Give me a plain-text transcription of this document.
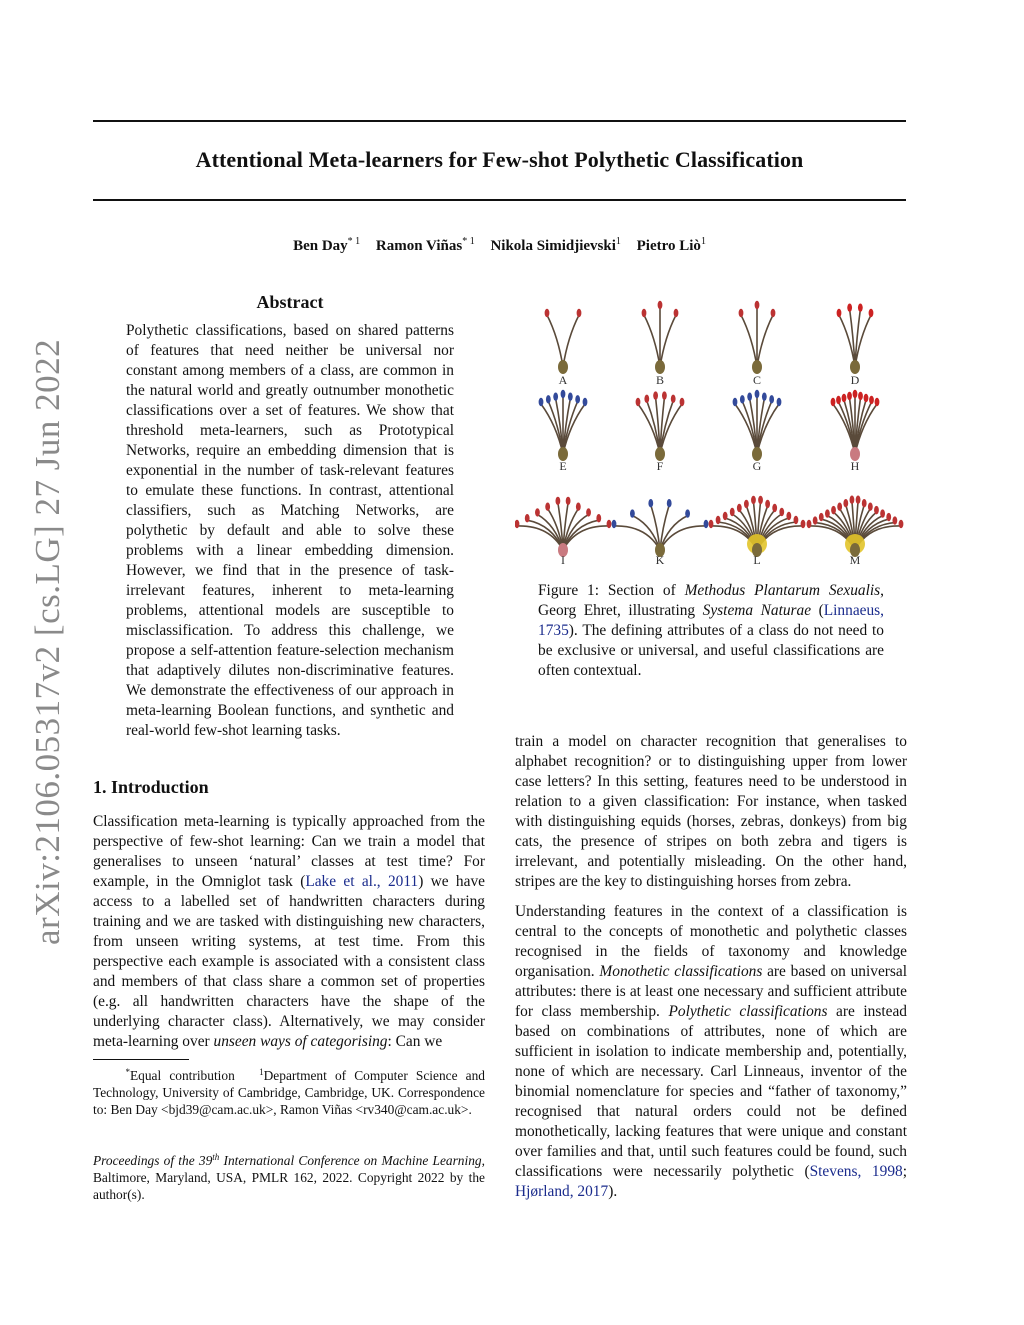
arXiv:2106.05317v2 [cs.LG] 27 Jun 2022
Attentional Meta-learners for Few-shot Polythetic Classification
Ben Day$^{* 1}$ Ramon Viñas$^{* 1}$ Nikola Simidjievski$^1$ Pietro Liò$^1$
Abstract
Polythetic classifications, based on shared patterns of features that need neither be universal nor constant among members of a class, are common in the natural world and greatly outnumber monothetic classifications over a set of features. We show that threshold meta-learners, such as Prototypical Networks, require an embedding dimension that is exponential in the number of task-relevant features to emulate these functions. In contrast, attentional classifiers, such as Matching Networks, are polythetic by default and able to solve these problems with a linear embedding dimension. However, we find that in the presence of task-irrelevant features, inherent to meta-learning problems, attentional models are susceptible to misclassification. To address this challenge, we propose a self-attention feature-selection mechanism that adaptively dilutes non-discriminative features. We demonstrate the effectiveness of our approach in meta-learning Boolean functions, and synthetic and real-world few-shot learning tasks.
1. Introduction
Classification meta-learning is typically approached from the perspective of few-shot learning: Can we train a model that generalises to unseen ‘natural’ classes at test time? For example, in the Omniglot task (Lake et al., 2011) we have access to a labelled set of handwritten characters during training and we are tasked with distinguishing new characters, from unseen writing systems, at test time. From this perspective each example is associated with a consistent class and members of that class share a common set of properties (e.g. all handwritten characters have the shape of the underlying character class). Alternatively, we may consider meta-learning over unseen ways of categorising: Can we
*Equal contribution	$^1$Department of Computer Science and Technology, University of Cambridge, Cambridge, UK. Correspondence to: Ben Day <bjd39@cam.ac.uk>, Ramon Viñas <rv340@cam.ac.uk>.
Proceedings of the 39th International Conference on Machine Learning, Baltimore, Maryland, USA, PMLR 162, 2022. Copyright 2022 by the author(s).
A	B	C	D
E	F	G	H
I	K	L	M
Figure 1: Section of Methodus Plantarum Sexualis, Georg Ehret, illustrating Systema Naturae (Linnaeus, 1735). The defining attributes of a class do not need to be exclusive or universal, and useful classifications are often contextual.
train a model on character recognition that generalises to alphabet recognition? or to distinguishing upper from lower case letters? In this setting, features need to be understood in relation to a given classification: For instance, when tasked with distinguishing equids (horses, zebras, donkeys) from big cats, the presence of stripes on both zebra and tigers is irrelevant, and potentially misleading. On the other hand, stripes are the key to distinguishing horses from zebra.
Understanding features in the context of a classification is central to the concepts of monothetic and polythetic classes recognised in the fields of taxonomy and knowledge organisation. Monothetic classifications are based on universal attributes: there is at least one necessary and sufficient attribute for class membership. Polythetic classifications are instead based on combinations of attributes, none of which are sufficient in isolation to indicate membership and, potentially, none of which are necessary. Carl Linneaus, inventor of the binomial nomenclature for species and “father of taxonomy,” recognised that natural orders could not be defined monothetically, lacking features that were unique and constant over families and that, until such features could be found, such classifications were necessarily polythetic (Stevens, 1998; Hjørland, 2017).
